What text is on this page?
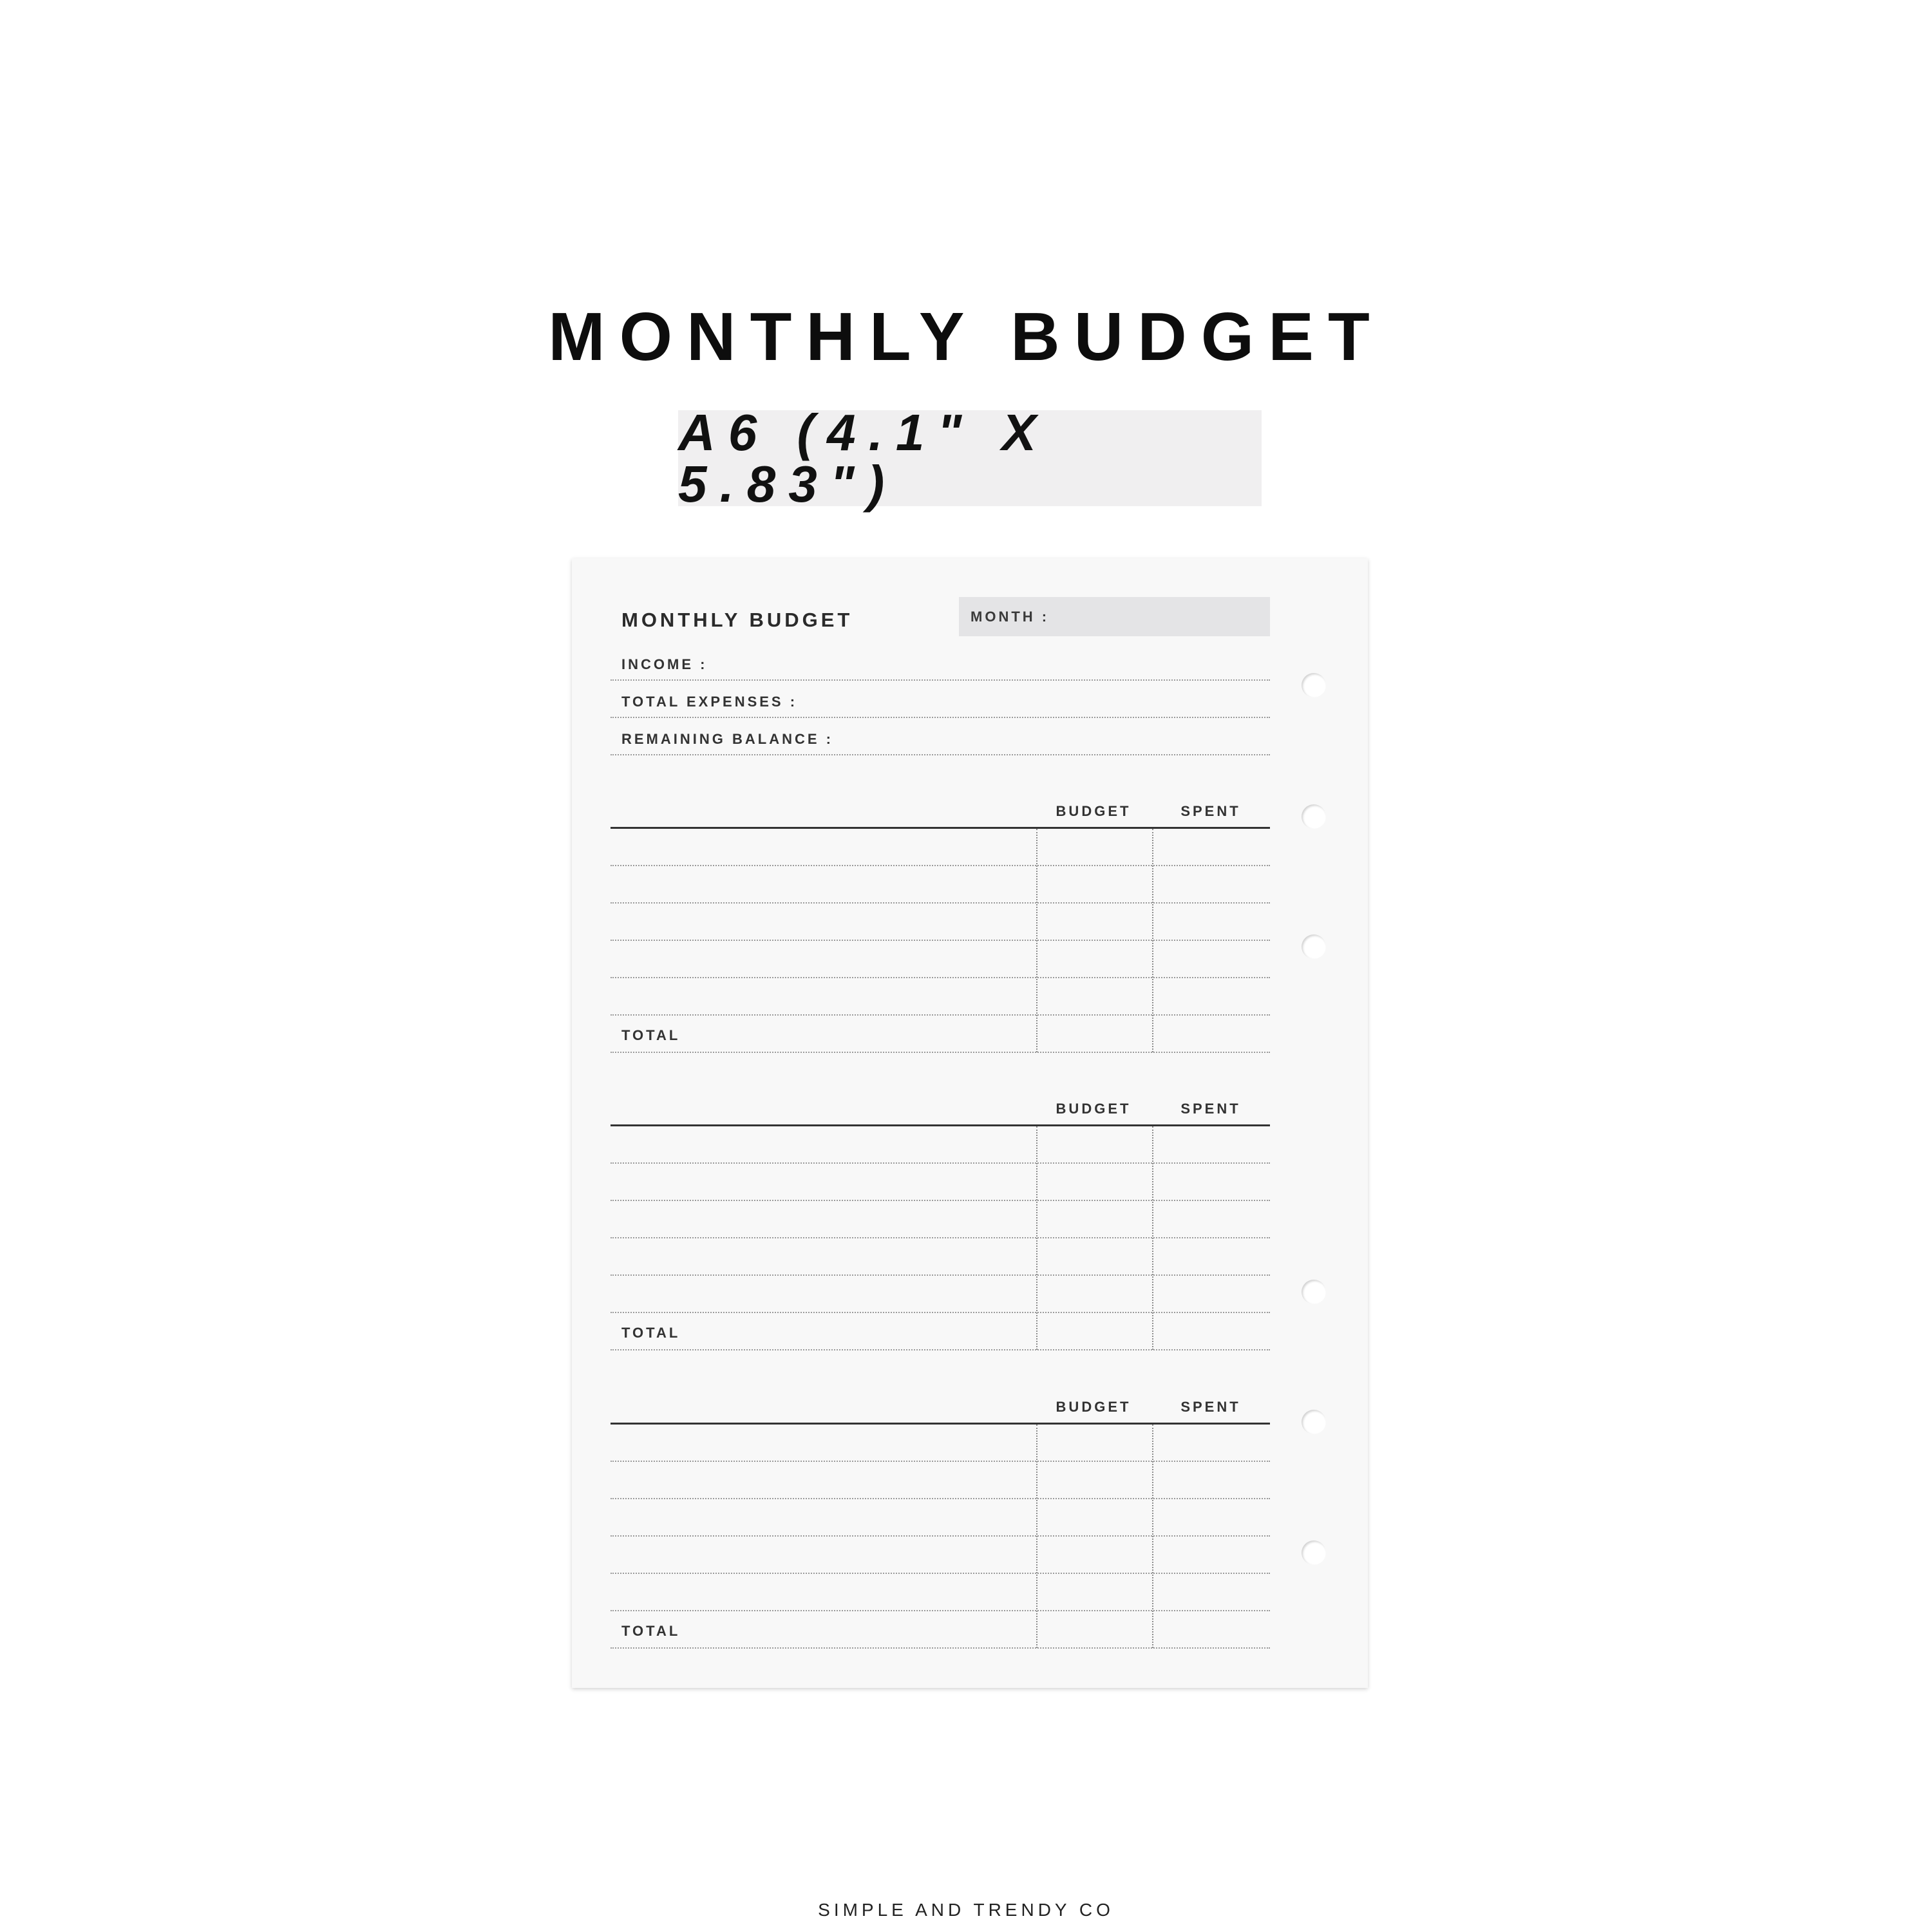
MONTHLY BUDGET
A6 (4.1" X 5.83")
MONTHLY BUDGET	MONTH :
INCOME :
TOTAL EXPENSES :
REMAINING BALANCE :
BUDGET	SPENT
TOTAL
BUDGET	SPENT
TOTAL
BUDGET	SPENT
TOTAL
SIMPLE AND TRENDY CO
